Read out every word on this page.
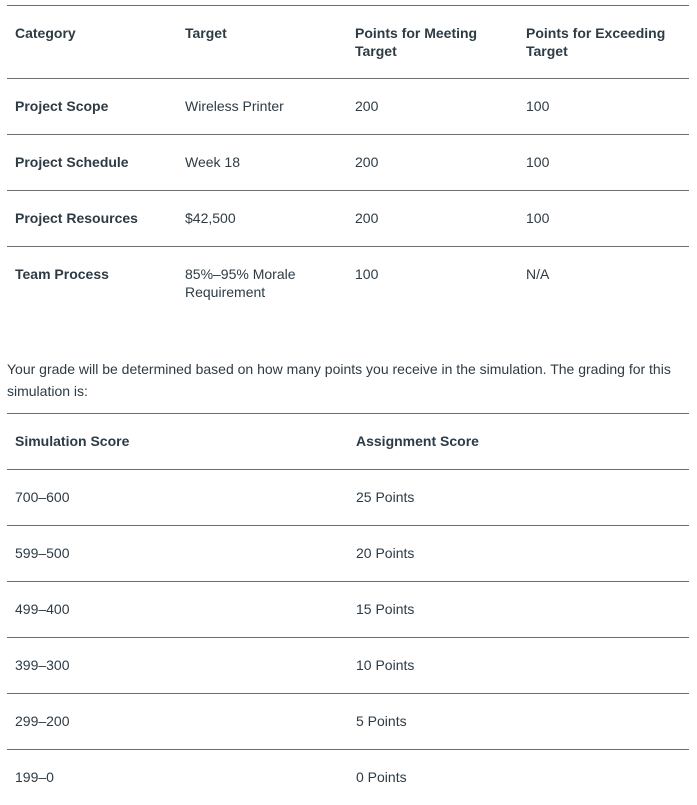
Category	Target	Points for Meeting Target	Points for Exceeding Target
Project Scope	Wireless Printer	200	100
Project Schedule	Week 18	200	100
Project Resources	$42,500	200	100
Team Process	85%–95% Morale Requirement	100	N/A

Your grade will be determined based on how many points you receive in the simulation. The grading for this simulation is:

Simulation Score	Assignment Score
700–600	25 Points
599–500	20 Points
499–400	15 Points
399–300	10 Points
299–200	5 Points
199–0	0 Points
